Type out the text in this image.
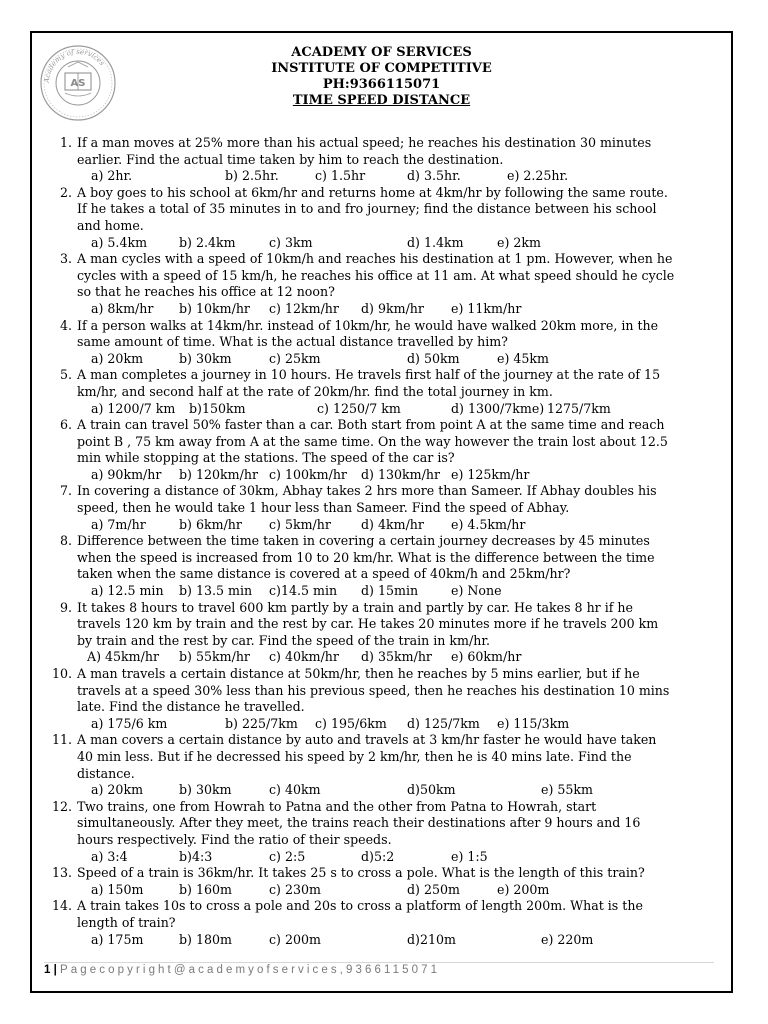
Academy of services
AS
ACADEMY OF SERVICES
INSTITUTE OF COMPETITIVE
PH:9366115071
TIME SPEED DISTANCE
1. If a man moves at 25% more than his actual speed; he reaches his destination 30 minutes
earlier. Find the actual time taken by him to reach the destination.
a) 2hr.	b) 2.5hr.	c) 1.5hr	d) 3.5hr.	e) 2.25hr.
2. A boy goes to his school at 6km/hr and returns home at 4km/hr by following the same route.
If he takes a total of 35 minutes in to and fro journey; find the distance between his school
and home.
a) 5.4km	b) 2.4km	c) 3km	d) 1.4km	e) 2km
3. A man cycles with a speed of 10km/h and reaches his destination at 1 pm. However, when he
cycles with a speed of 15 km/h, he reaches his office at 11 am. At what speed should he cycle
so that he reaches his office at 12 noon?
a) 8km/hr b) 10km/hr c) 12km/hr d) 9km/hr e) 11km/hr
4. If a person walks at 14km/hr. instead of 10km/hr, he would have walked 20km more, in the
same amount of time. What is the actual distance travelled by him?
a) 20km	b) 30km	c) 25km	d) 50km	e) 45km
5. A man completes a journey in 10 hours. He travels first half of the journey at the rate of 15
km/hr, and second half at the rate of 20km/hr. find the total journey in km.
a) 1200/7 km b)150km	c) 1250/7 km	d) 1300/7kme) 1275/7km
6. A train can travel 50% faster than a car. Both start from point A at the same time and reach
point B , 75 km away from A at the same time. On the way however the train lost about 12.5
min while stopping at the stations. The speed of the car is?
a) 90km/hr b) 120km/hr c) 100km/hr d) 130km/hr e) 125km/hr
7. In covering a distance of 30km, Abhay takes 2 hrs more than Sameer. If Abhay doubles his
speed, then he would take 1 hour less than Sameer. Find the speed of Abhay.
a) 7m/hr	b) 6km/hr c) 5km/hr d) 4km/hr e) 4.5km/hr
8. Difference between the time taken in covering a certain journey decreases by 45 minutes
when the speed is increased from 10 to 20 km/hr. What is the difference between the time
taken when the same distance is covered at a speed of 40km/h and 25km/hr?
a) 12.5 min b) 13.5 min c)14.5 min d) 15min	e) None
9. It takes 8 hours to travel 600 km partly by a train and partly by car. He takes 8 hr if he
travels 120 km by train and the rest by car. He takes 20 minutes more if he travels 200 km
by train and the rest by car. Find the speed of the train in km/hr.
A) 45km/hr b) 55km/hr c) 40km/hr d) 35km/hr e) 60km/hr
10. A man travels a certain distance at 50km/hr, then he reaches by 5 mins earlier, but if he
travels at a speed 30% less than his previous speed, then he reaches his destination 10 mins
late. Find the distance he travelled.
a) 175/6 km	b) 225/7km c) 195/6km d) 125/7km e) 115/3km
11. A man covers a certain distance by auto and travels at 3 km/hr faster he would have taken
40 min less. But if he decressed his speed by 2 km/hr, then he is 40 mins late. Find the
distance.
a) 20km	b) 30km	c) 40km	d)50km	e) 55km
12. Two trains, one from Howrah to Patna and the other from Patna to Howrah, start
simultaneously. After they meet, the trains reach their destinations after 9 hours and 16
hours respectively. Find the ratio of their speeds.
a) 3:4	b)4:3	c) 2:5	d)5:2	e) 1:5
13. Speed of a train is 36km/hr. It takes 25 s to cross a pole. What is the length of this train?
a) 150m	b) 160m	c) 230m	d) 250m	e) 200m
14. A train takes 10s to cross a pole and 20s to cross a platform of length 200m. What is the
length of train?
a) 175m	b) 180m	c) 200m	d)210m	e) 220m
1 | Pagecopyright@academyofservices,9366115071
